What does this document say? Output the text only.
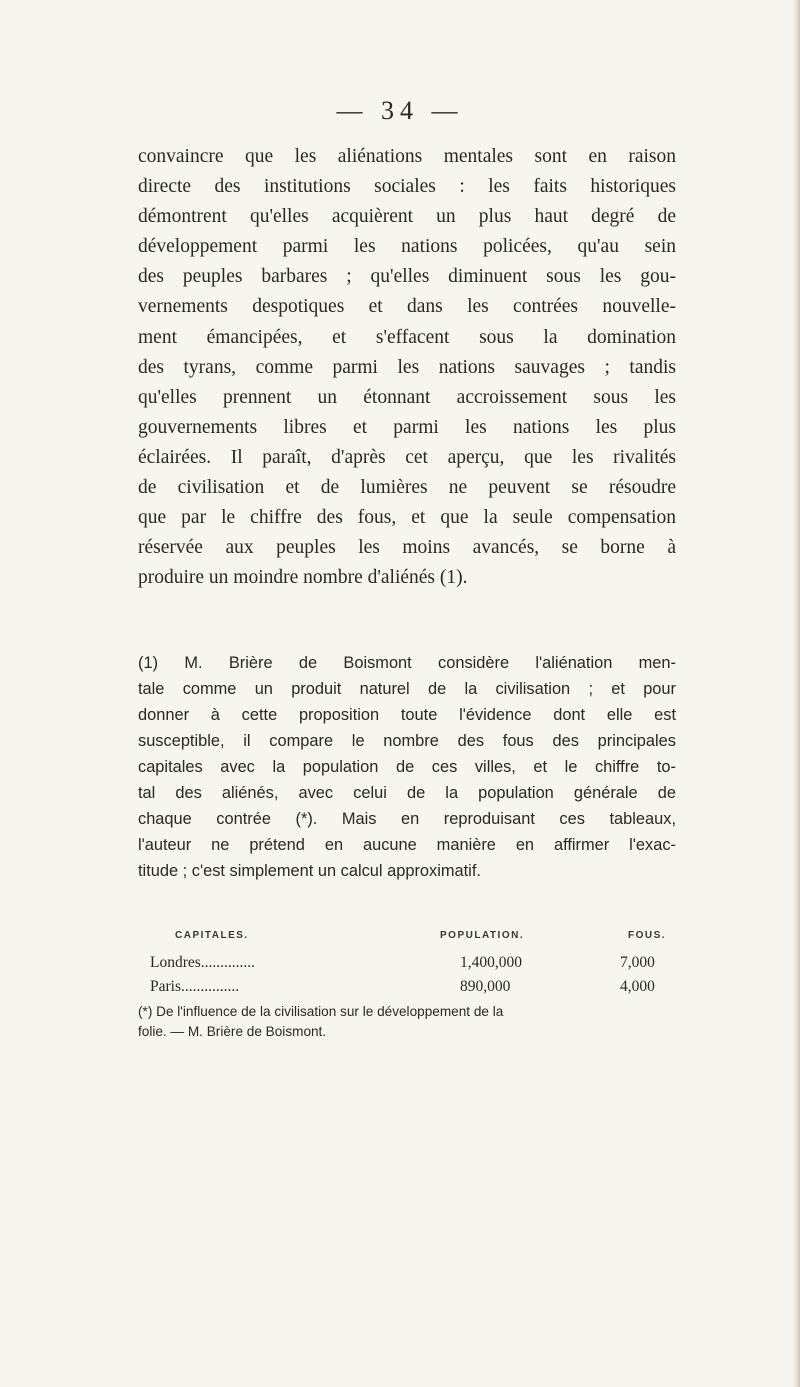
— 34 —
convaincre que les aliénations mentales sont en raison
directe des institutions sociales : les faits historiques
démontrent qu'elles acquièrent un plus haut degré de
développement parmi les nations policées, qu'au sein
des peuples barbares ; qu'elles diminuent sous les gou-
vernements despotiques et dans les contrées nouvelle-
ment émancipées, et s'effacent sous la domination
des tyrans, comme parmi les nations sauvages ; tandis
qu'elles prennent un étonnant accroissement sous les
gouvernements libres et parmi les nations les plus
éclairées. Il paraît, d'après cet aperçu, que les rivalités
de civilisation et de lumières ne peuvent se résoudre
que par le chiffre des fous, et que la seule compensation
réservée aux peuples les moins avancés, se borne à
produire un moindre nombre d'aliénés (1).
(1) M. Brière de Boismont considère l'aliénation men-
tale comme un produit naturel de la civilisation ; et pour
donner à cette proposition toute l'évidence dont elle est
susceptible, il compare le nombre des fous des principales
capitales avec la population de ces villes, et le chiffre to-
tal des aliénés, avec celui de la population générale de
chaque contrée (*). Mais en reproduisant ces tableaux,
l'auteur ne prétend en aucune manière en affirmer l'exac-
titude ; c'est simplement un calcul approximatif.
CAPITALES.	POPULATION.	FOUS.
Londres..............	1,400,000	7,000
Paris...............	890,000	4,000
(*) De l'influence de la civilisation sur le développement de la
folie. — M. Brière de Boismont.
